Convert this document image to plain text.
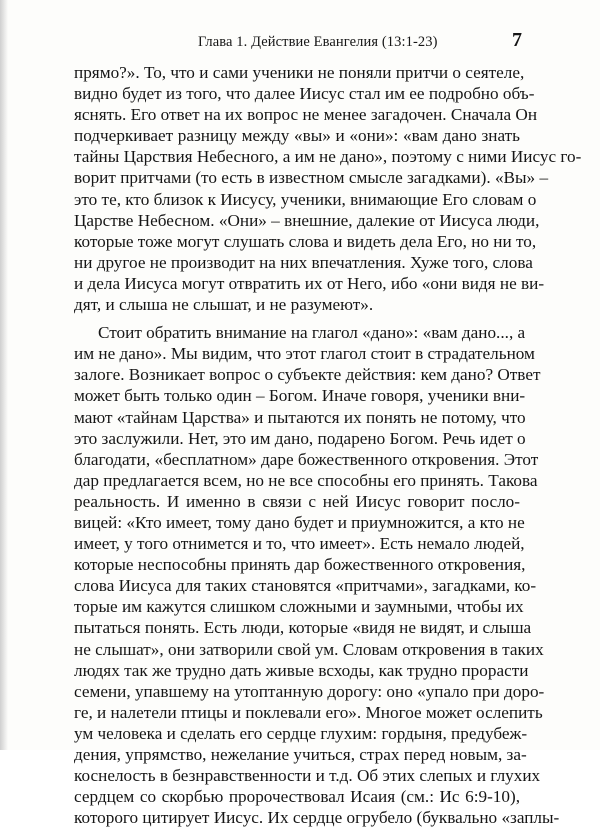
Глава 1. Действие Евангелия (13:1-23)	7
прямо?». То, что и сами ученики не поняли притчи о сеятеле,
видно будет из того, что далее Иисус стал им ее подробно объ-
яснять. Его ответ на их вопрос не менее загадочен. Сначала Он
подчеркивает разницу между «вы» и «они»: «вам дано знать
тайны Царствия Небесного, а им не дано», поэтому с ними Иисус го-
ворит притчами (то есть в известном смысле загадками). «Вы» –
это те, кто близок к Иисусу, ученики, внимающие Его словам о
Царстве Небесном. «Они» – внешние, далекие от Иисуса люди,
которые тоже могут слушать слова и видеть дела Его, но ни то,
ни другое не производит на них впечатления. Хуже того, слова
и дела Иисуса могут отвратить их от Него, ибо «они видя не ви-
дят, и слыша не слышат, и не разумеют».
Стоит обратить внимание на глагол «дано»: «вам дано..., а
им не дано». Мы видим, что этот глагол стоит в страдательном
залоге. Возникает вопрос о субъекте действия: кем дано? Ответ
может быть только один – Богом. Иначе говоря, ученики вни-
мают «тайнам Царства» и пытаются их понять не потому, что
это заслужили. Нет, это им дано, подарено Богом. Речь идет о
благодати, «бесплатном» даре божественного откровения. Этот
дар предлагается всем, но не все способны его принять. Такова
реальность. И именно в связи с ней Иисус говорит посло-
вицей: «Кто имеет, тому дано будет и приумножится, а кто не
имеет, у того отнимется и то, что имеет». Есть немало людей,
которые неспособны принять дар божественного откровения,
слова Иисуса для таких становятся «притчами», загадками, ко-
торые им кажутся слишком сложными и заумными, чтобы их
пытаться понять. Есть люди, которые «видя не видят, и слыша
не слышат», они затворили свой ум. Словам откровения в таких
людях так же трудно дать живые всходы, как трудно прорасти
семени, упавшему на утоптанную дорогу: оно «упало при доро-
ге, и налетели птицы и поклевали его». Многое может ослепить
ум человека и сделать его сердце глухим: гордыня, предубеж-
дения, упрямство, нежелание учиться, страх перед новым, за-
коснелость в безнравственности и т.д. Об этих слепых и глухих
сердцем со скорбью пророчествовал Исаия (см.: Ис 6:9-10),
которого цитирует Иисус. Их сердце огрубело (буквально «заплы-
